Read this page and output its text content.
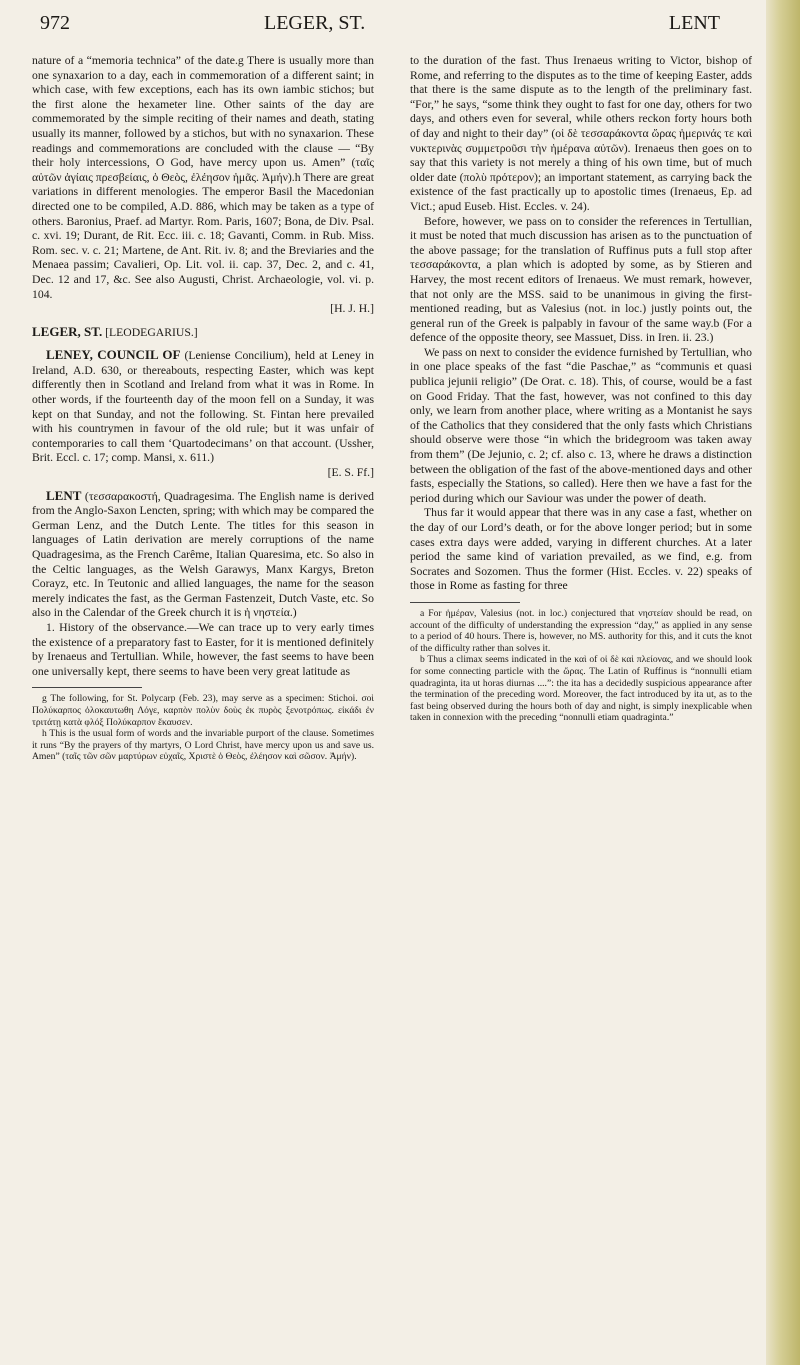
972	LEGER, ST.	LENT

nature of a “memoria technica” of the date.g There is usually more than one synaxarion to a day, each in commemoration of a different saint; in which case, with few exceptions, each has its own iambic stichos; but the first alone the hexameter line. Other saints of the day are commemorated by the simple reciting of their names and death, stating usually its manner, followed by a stichos, but with no synaxarion. These readings and commemorations are concluded with the clause — “By their holy intercessions, O God, have mercy upon us. Amen” (ταῖς αὐτῶν ἁγίαις πρεσβείαις, ὁ Θεὸς, ἐλέησον ἡμᾶς. Ἀμήν).h There are great variations in different menologies. The emperor Basil the Macedonian directed one to be compiled, A.D. 886, which may be taken as a type of others. Baronius, Praef. ad Martyr. Rom. Paris, 1607; Bona, de Div. Psal. c. xvi. 19; Durant, de Rit. Ecc. iii. c. 18; Gavanti, Comm. in Rub. Miss. Rom. sec. v. c. 21; Martene, de Ant. Rit. iv. 8; and the Breviaries and the Menaea passim; Cavalieri, Op. Lit. vol. ii. cap. 37, Dec. 2, and c. 41, Dec. 12 and 17, &c. See also Augusti, Christ. Archaeologie, vol. vi. p. 104.

[H. J. H.]

LEGER, ST. [LEODEGARIUS.]

LENEY, COUNCIL OF (Leniense Concilium), held at Leney in Ireland, A.D. 630, or thereabouts, respecting Easter, which was kept differently then in Scotland and Ireland from what it was in Rome. In other words, if the fourteenth day of the moon fell on a Sunday, it was kept on that Sunday, and not the following. St. Fintan here prevailed with his countrymen in favour of the old rule; but it was unfair of contemporaries to call them ‘Quartodecimans’ on that account. (Ussher, Brit. Eccl. c. 17; comp. Mansi, x. 611.)

[E. S. Ff.]

LENT (τεσσαρακοστή, Quadragesima. The English name is derived from the Anglo-Saxon Lencten, spring; with which may be compared the German Lenz, and the Dutch Lente. The titles for this season in languages of Latin derivation are merely corruptions of the name Quadragesima, as the French Carême, Italian Quaresima, etc. So also in the Celtic languages, as the Welsh Garawys, Manx Kargys, Breton Corayz, etc. In Teutonic and allied languages, the name for the season merely indicates the fast, as the German Fastenzeit, Dutch Vaste, etc. So also in the Calendar of the Greek church it is ἡ νηστεία.)

1. History of the observance.—We can trace up to very early times the existence of a preparatory fast to Easter, for it is mentioned definitely by Irenaeus and Tertullian. While, however, the fast seems to have been one universally kept, there seems to have been very great latitude as

g The following, for St. Polycarp (Feb. 23), may serve as a specimen: Stichoi. σοὶ Πολύκαρπος ὀλοκαυτωθη Λόγε, καρπὸν πολὺν δοὺς ἐκ πυρὸς ξενοτρόπως. εἰκάδι ἐν τριτάτῃ κατὰ φλόξ Πολύκαρπον ἔκαυσεν.

h This is the usual form of words and the invariable purport of the clause. Sometimes it runs “By the prayers of thy martyrs, O Lord Christ, have mercy upon us and save us. Amen” (ταῖς τῶν σῶν μαρτύρων εὐχαῖς, Χριστὲ ὁ Θεὸς, ἐλέησον καὶ σῶσον. Ἀμήν).

to the duration of the fast. Thus Irenaeus writing to Victor, bishop of Rome, and referring to the disputes as to the time of keeping Easter, adds that there is the same dispute as to the length of the preliminary fast. “For,” he says, “some think they ought to fast for one day, others for two days, and others even for several, while others reckon forty hours both of day and night to their day” (οἱ δὲ τεσσαράκοντα ὥρας ἡμερινάς τε καὶ νυκτερινὰς συμμετροῦσι τὴν ἡμέρανa αὐτῶν). Irenaeus then goes on to say that this variety is not merely a thing of his own time, but of much older date (πολὺ πρότερον); an important statement, as carrying back the existence of the fast practically up to apostolic times (Irenaeus, Ep. ad Vict.; apud Euseb. Hist. Eccles. v. 24).

Before, however, we pass on to consider the references in Tertullian, it must be noted that much discussion has arisen as to the punctuation of the above passage; for the translation of Ruffinus puts a full stop after τεσσαράκοντα, a plan which is adopted by some, as by Stieren and Harvey, the most recent editors of Irenaeus. We must remark, however, that not only are the MSS. said to be unanimous in giving the first-mentioned reading, but as Valesius (not. in loc.) justly points out, the general run of the Greek is palpably in favour of the same way.b (For a defence of the opposite theory, see Massuet, Diss. in Iren. ii. 23.)

We pass on next to consider the evidence furnished by Tertullian, who in one place speaks of the fast “die Paschae,” as “communis et quasi publica jejunii religio” (De Orat. c. 18). This, of course, would be a fast on Good Friday. That the fast, however, was not confined to this day only, we learn from another place, where writing as a Montanist he says of the Catholics that they considered that the only fasts which Christians should observe were those “in which the bridegroom was taken away from them” (De Jejunio, c. 2; cf. also c. 13, where he draws a distinction between the obligation of the fast of the above-mentioned days and other fasts, especially the Stations, so called). Here then we have a fast for the period during which our Saviour was under the power of death.

Thus far it would appear that there was in any case a fast, whether on the day of our Lord’s death, or for the above longer period; but in some cases extra days were added, varying in different churches. At a later period the same kind of variation prevailed, as we find, e.g. from Socrates and Sozomen. Thus the former (Hist. Eccles. v. 22) speaks of those in Rome as fasting for three

a For ἡμέραν, Valesius (not. in loc.) conjectured that νηστείαν should be read, on account of the difficulty of understanding the expression “day,” as applied in any sense to a period of 40 hours. There is, however, no MS. authority for this, and it cuts the knot of the difficulty rather than solves it.

b Thus a climax seems indicated in the καὶ of οἱ δὲ καὶ πλείονας, and we should look for some connecting particle with the ὥρας. The Latin of Ruffinus is “nonnulli etiam quadraginta, ita ut horas diurnas ....”: the ita has a decidedly suspicious appearance after the termination of the preceding word. Moreover, the fact introduced by ita ut, as to the fast being observed during the hours both of day and night, is simply inexplicable when taken in connexion with the preceding “nonnulli etiam quadraginta.”
